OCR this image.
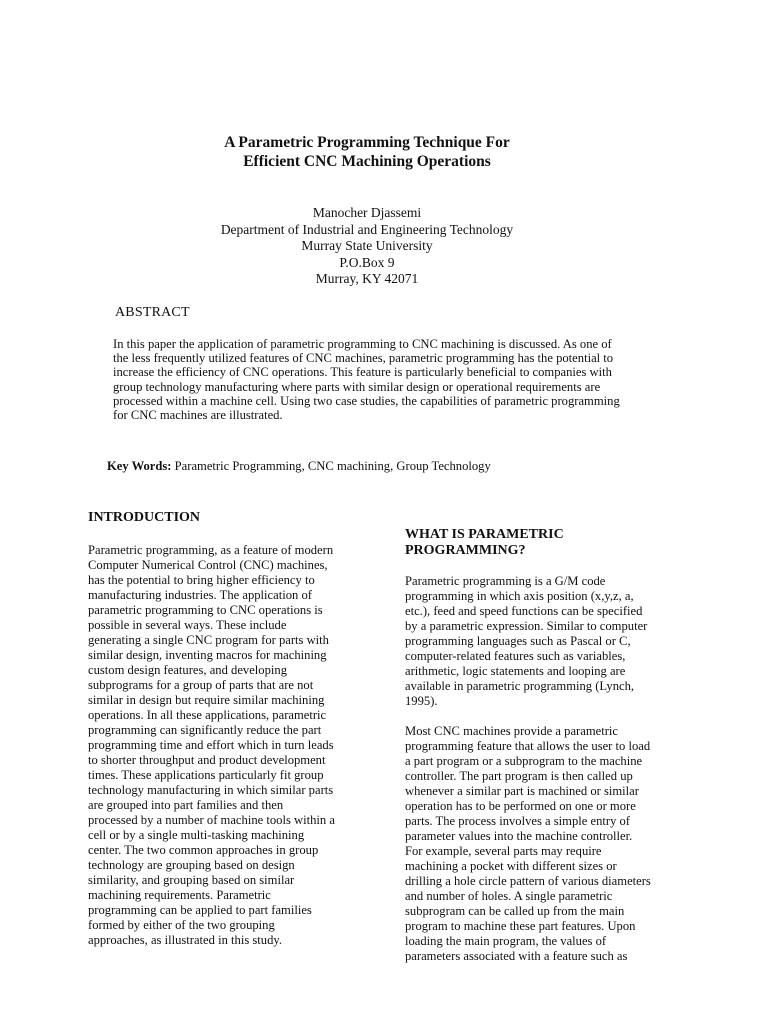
A Parametric Programming Technique For
Efficient CNC Machining Operations
Manocher Djassemi
Department of Industrial and Engineering Technology
Murray State University
P.O.Box 9
Murray, KY 42071
ABSTRACT
In this paper the application of parametric programming to CNC machining is discussed. As one of
the less frequently utilized features of CNC machines, parametric programming has the potential to
increase the efficiency of CNC operations. This feature is particularly beneficial to companies with
group technology manufacturing where parts with similar design or operational requirements are
processed within a machine cell. Using two case studies, the capabilities of parametric programming
for CNC machines are illustrated.
Key Words: Parametric Programming, CNC machining, Group Technology
INTRODUCTION
Parametric programming, as a feature of modern
Computer Numerical Control (CNC) machines,
has the potential to bring higher efficiency to
manufacturing industries. The application of
parametric programming to CNC operations is
possible in several ways. These include
generating a single CNC program for parts with
similar design, inventing macros for machining
custom design features, and developing
subprograms for a group of parts that are not
similar in design but require similar machining
operations. In all these applications, parametric
programming can significantly reduce the part
programming time and effort which in turn leads
to shorter throughput and product development
times. These applications particularly fit group
technology manufacturing in which similar parts
are grouped into part families and then
processed by a number of machine tools within a
cell or by a single multi-tasking machining
center. The two common approaches in group
technology are grouping based on design
similarity, and grouping based on similar
machining requirements. Parametric
programming can be applied to part families
formed by either of the two grouping
approaches, as illustrated in this study.
WHAT IS PARAMETRIC
PROGRAMMING?
Parametric programming is a G/M code
programming in which axis position (x,y,z, a,
etc.), feed and speed functions can be specified
by a parametric expression. Similar to computer
programming languages such as Pascal or C,
computer-related features such as variables,
arithmetic, logic statements and looping are
available in parametric programming (Lynch,
1995).
Most CNC machines provide a parametric
programming feature that allows the user to load
a part program or a subprogram to the machine
controller. The part program is then called up
whenever a similar part is machined or similar
operation has to be performed on one or more
parts. The process involves a simple entry of
parameter values into the machine controller.
For example, several parts may require
machining a pocket with different sizes or
drilling a hole circle pattern of various diameters
and number of holes. A single parametric
subprogram can be called up from the main
program to machine these part features. Upon
loading the main program, the values of
parameters associated with a feature such as
